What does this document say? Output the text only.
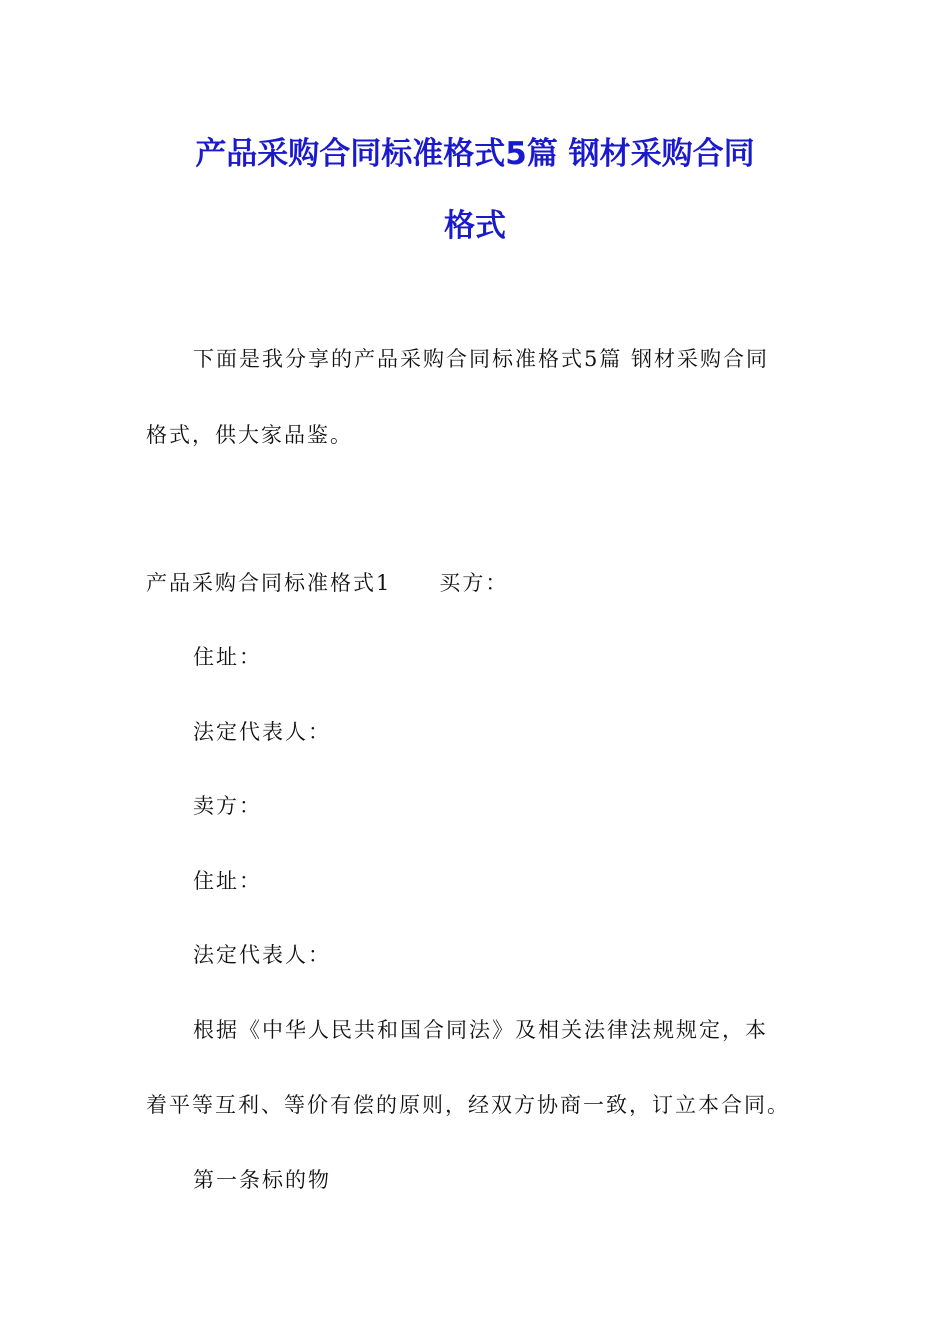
产品采购合同标准格式5篇 钢材采购合同
格式
下面是我分享的产品采购合同标准格式5篇 钢材采购合同
格式，供大家品鉴。
产品采购合同标准格式1 买方：
住址：
法定代表人：
卖方：
住址：
法定代表人：
根据《中华人民共和国合同法》及相关法律法规规定，本
着平等互利、等价有偿的原则，经双方协商一致，订立本合同。
第一条标的物
